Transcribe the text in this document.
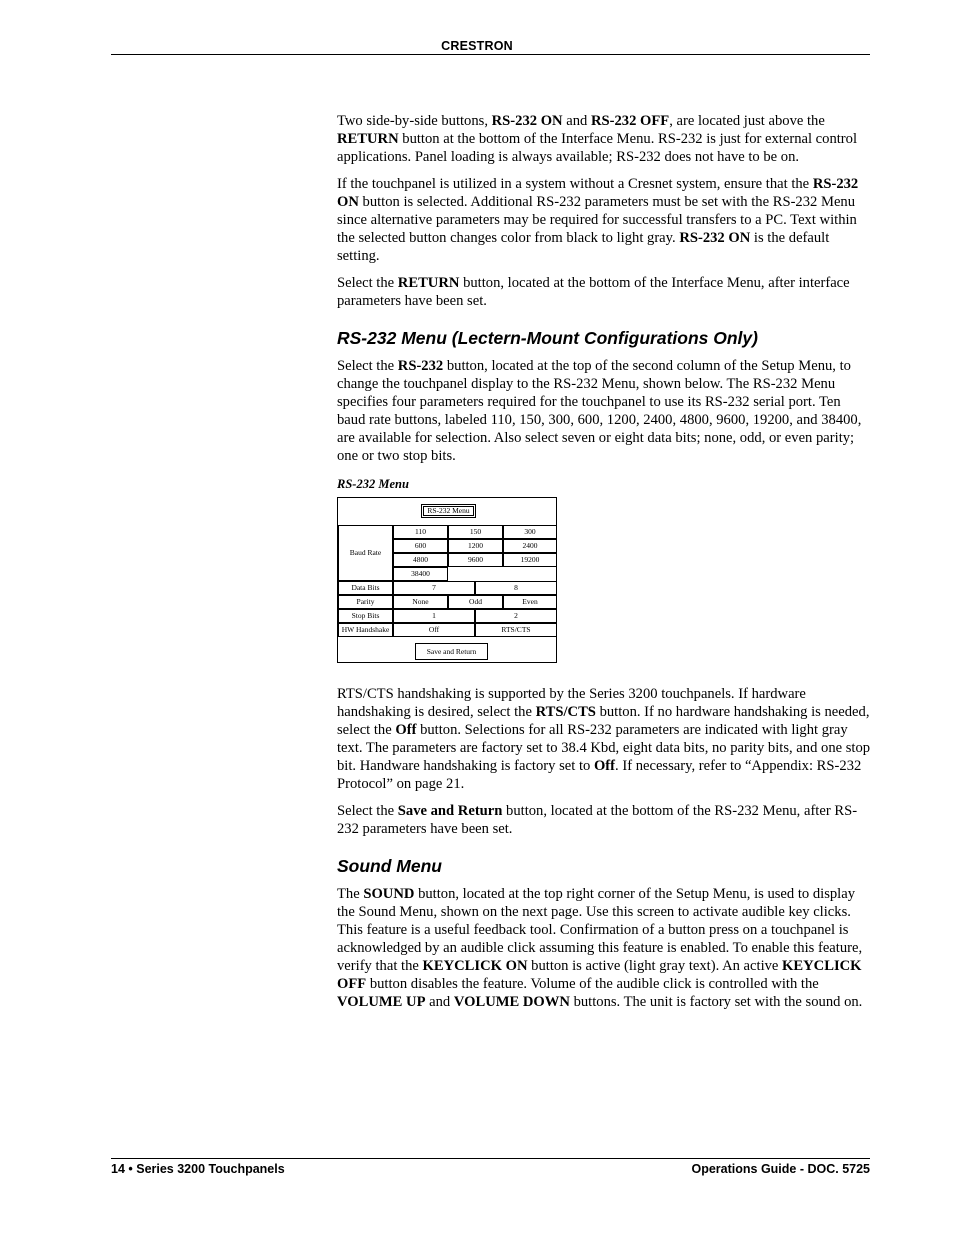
CRESTRON

Two side-by-side buttons, RS-232 ON and RS-232 OFF, are located just above the RETURN button at the bottom of the Interface Menu. RS-232 is just for external control applications. Panel loading is always available; RS-232 does not have to be on.

If the touchpanel is utilized in a system without a Cresnet system, ensure that the RS-232 ON button is selected. Additional RS-232 parameters must be set with the RS-232 Menu since alternative parameters may be required for successful transfers to a PC. Text within the selected button changes color from black to light gray. RS-232 ON is the default setting.

Select the RETURN button, located at the bottom of the Interface Menu, after interface parameters have been set.

RS-232 Menu (Lectern-Mount Configurations Only)

Select the RS-232 button, located at the top of the second column of the Setup Menu, to change the touchpanel display to the RS-232 Menu, shown below. The RS-232 Menu specifies four parameters required for the touchpanel to use its RS-232 serial port. Ten baud rate buttons, labeled 110, 150, 300, 600, 1200, 2400, 4800, 9600, 19200, and 38400, are available for selection. Also select seven or eight data bits; none, odd, or even parity; one or two stop bits.

RS-232 Menu
RS-232 Menu
Baud Rate
110	150	300
600	1200	2400
4800	9600	19200
38400
Data Bits	7	8
Parity	None	Odd	Even
Stop Bits	1	2
HW Handshake	Off	RTS/CTS
Save and Return

RTS/CTS handshaking is supported by the Series 3200 touchpanels. If hardware handshaking is desired, select the RTS/CTS button. If no hardware handshaking is needed, select the Off button. Selections for all RS-232 parameters are indicated with light gray text. The parameters are factory set to 38.4 Kbd, eight data bits, no parity bits, and one stop bit. Handware handshaking is factory set to Off. If necessary, refer to “Appendix: RS-232 Protocol” on page 21.

Select the Save and Return button, located at the bottom of the RS-232 Menu, after RS-232 parameters have been set.

Sound Menu

The SOUND button, located at the top right corner of the Setup Menu, is used to display the Sound Menu, shown on the next page. Use this screen to activate audible key clicks. This feature is a useful feedback tool. Confirmation of a button press on a touchpanel is acknowledged by an audible click assuming this feature is enabled. To enable this feature, verify that the KEYCLICK ON button is active (light gray text). An active KEYCLICK OFF button disables the feature. Volume of the audible click is controlled with the VOLUME UP and VOLUME DOWN buttons. The unit is factory set with the sound on.

14 • Series 3200 Touchpanels	Operations Guide - DOC. 5725
